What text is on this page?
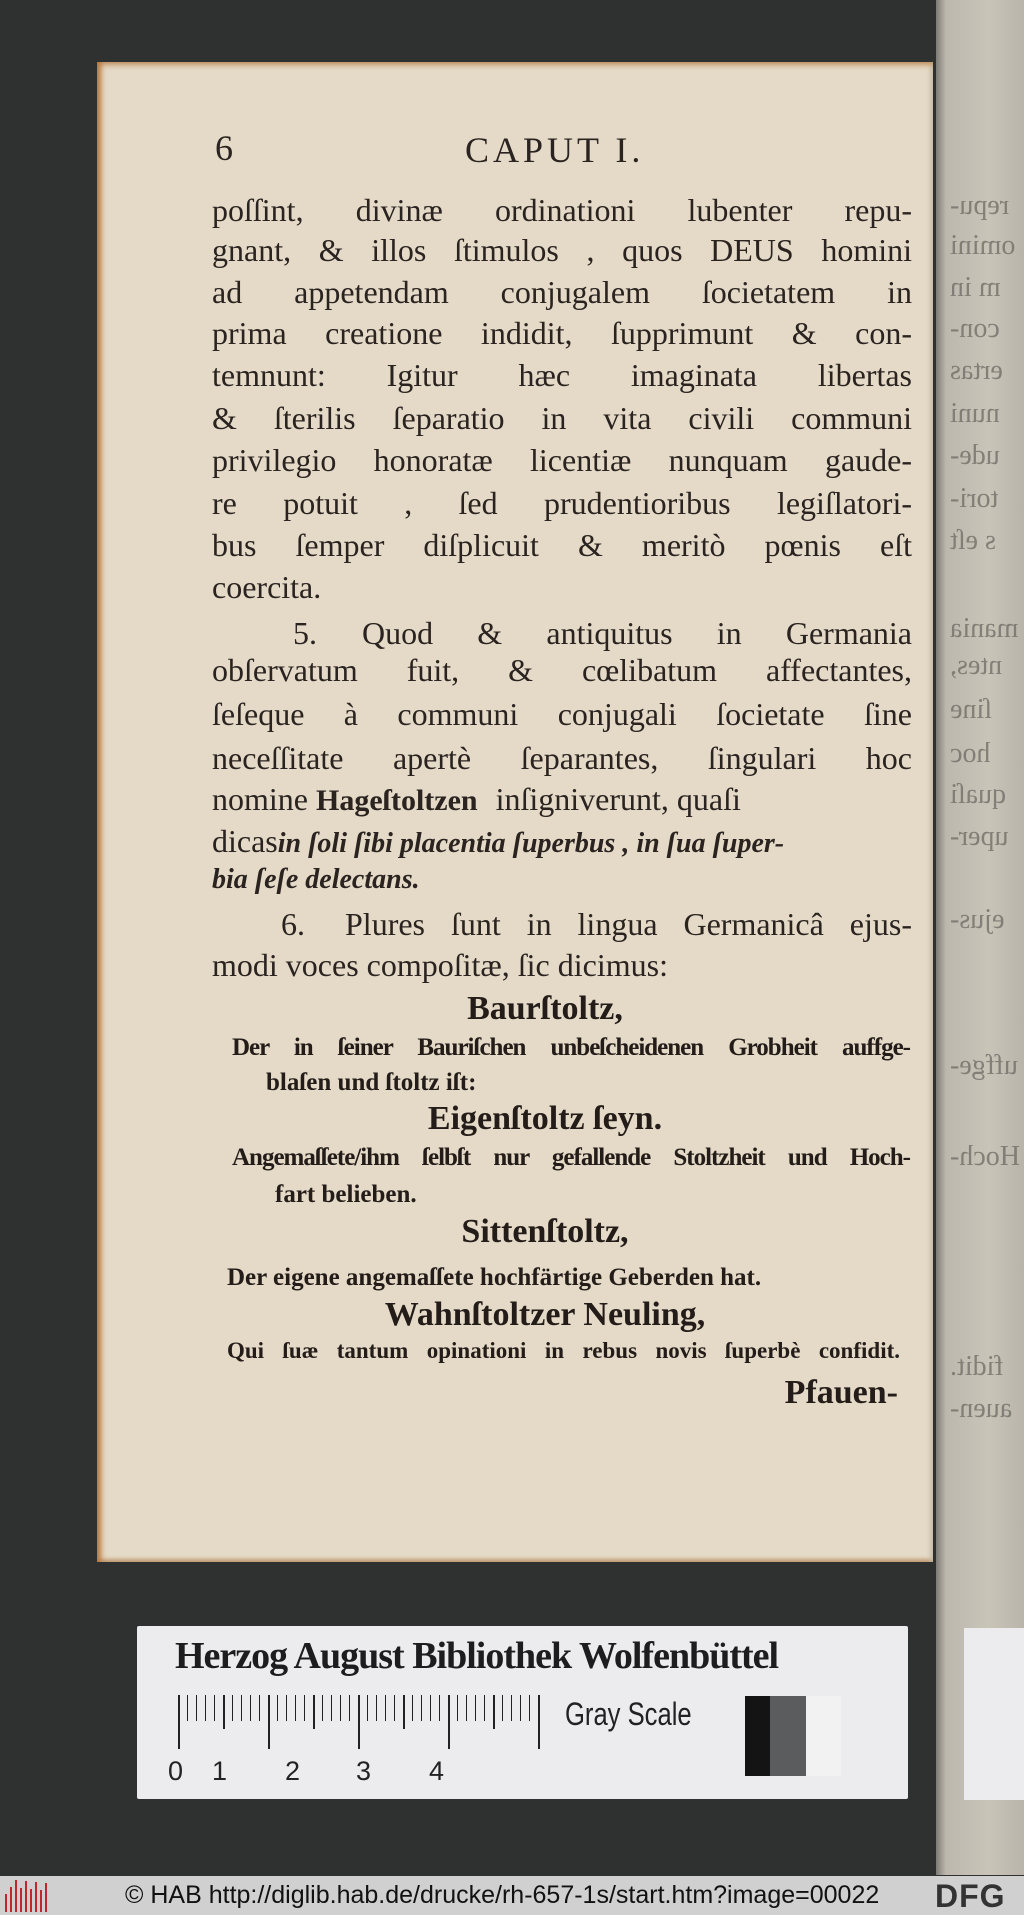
repu-
omini
m in
con-
ertas
nuni
ude-
tori-
s eſt
mania
ntes,
ſine
hoc
quaſi
uper-
ejus-
uffge-
Hoch-
fidit.
auen-
6	CAPUT I.
poſſint, divinæ ordinationi lubenter repu-
gnant, & illos ſtimulos , quos DEUS homini
ad appetendam conjugalem ſocietatem in
prima creatione indidit, ſupprimunt & con-
temnunt: Igitur hæc imaginata libertas
& ſterilis ſeparatio in vita civili communi
privilegio honoratæ licentiæ nunquam gaude-
re potuit , ſed prudentioribus legiſlatori-
bus ſemper diſplicuit & meritò pœnis eſt
coercita.
5. Quod & antiquitus in Germania
obſervatum fuit, & cœlibatum affectantes,
ſeſeque à communi conjugali ſocietate ſine
neceſſitate apertè ſeparantes, ſingulari hoc
nomine Hageſtoltzen inſigniverunt, quaſi
dicasin ſoli ſibi placentia ſuperbus , in ſua ſuper-
bia ſeſe delectans.
6. Plures ſunt in lingua Germanicâ ejus-
modi voces compoſitæ, ſic dicimus:
Baurſtoltz,
Der in ſeiner Bauriſchen unbeſcheidenen Grobheit auffge-
blaſen und ſtoltz iſt:
Eigenſtoltz ſeyn.
Angemaſſete/ihm ſelbſt nur gefallende Stoltzheit und Hoch-
fart belieben.
Sittenſtoltz,
Der eigene angemaſſete hochfärtige Geberden hat.
Wahnſtoltzer Neuling,
Qui ſuæ tantum opinationi in rebus novis ſuperbè confidit.
Pfauen-
Herzog August Bibliothek Wolfenbüttel
0 1 2 3 4
Gray Scale
© HAB http://diglib.hab.de/drucke/rh-657-1s/start.htm?image=00022 DFG
